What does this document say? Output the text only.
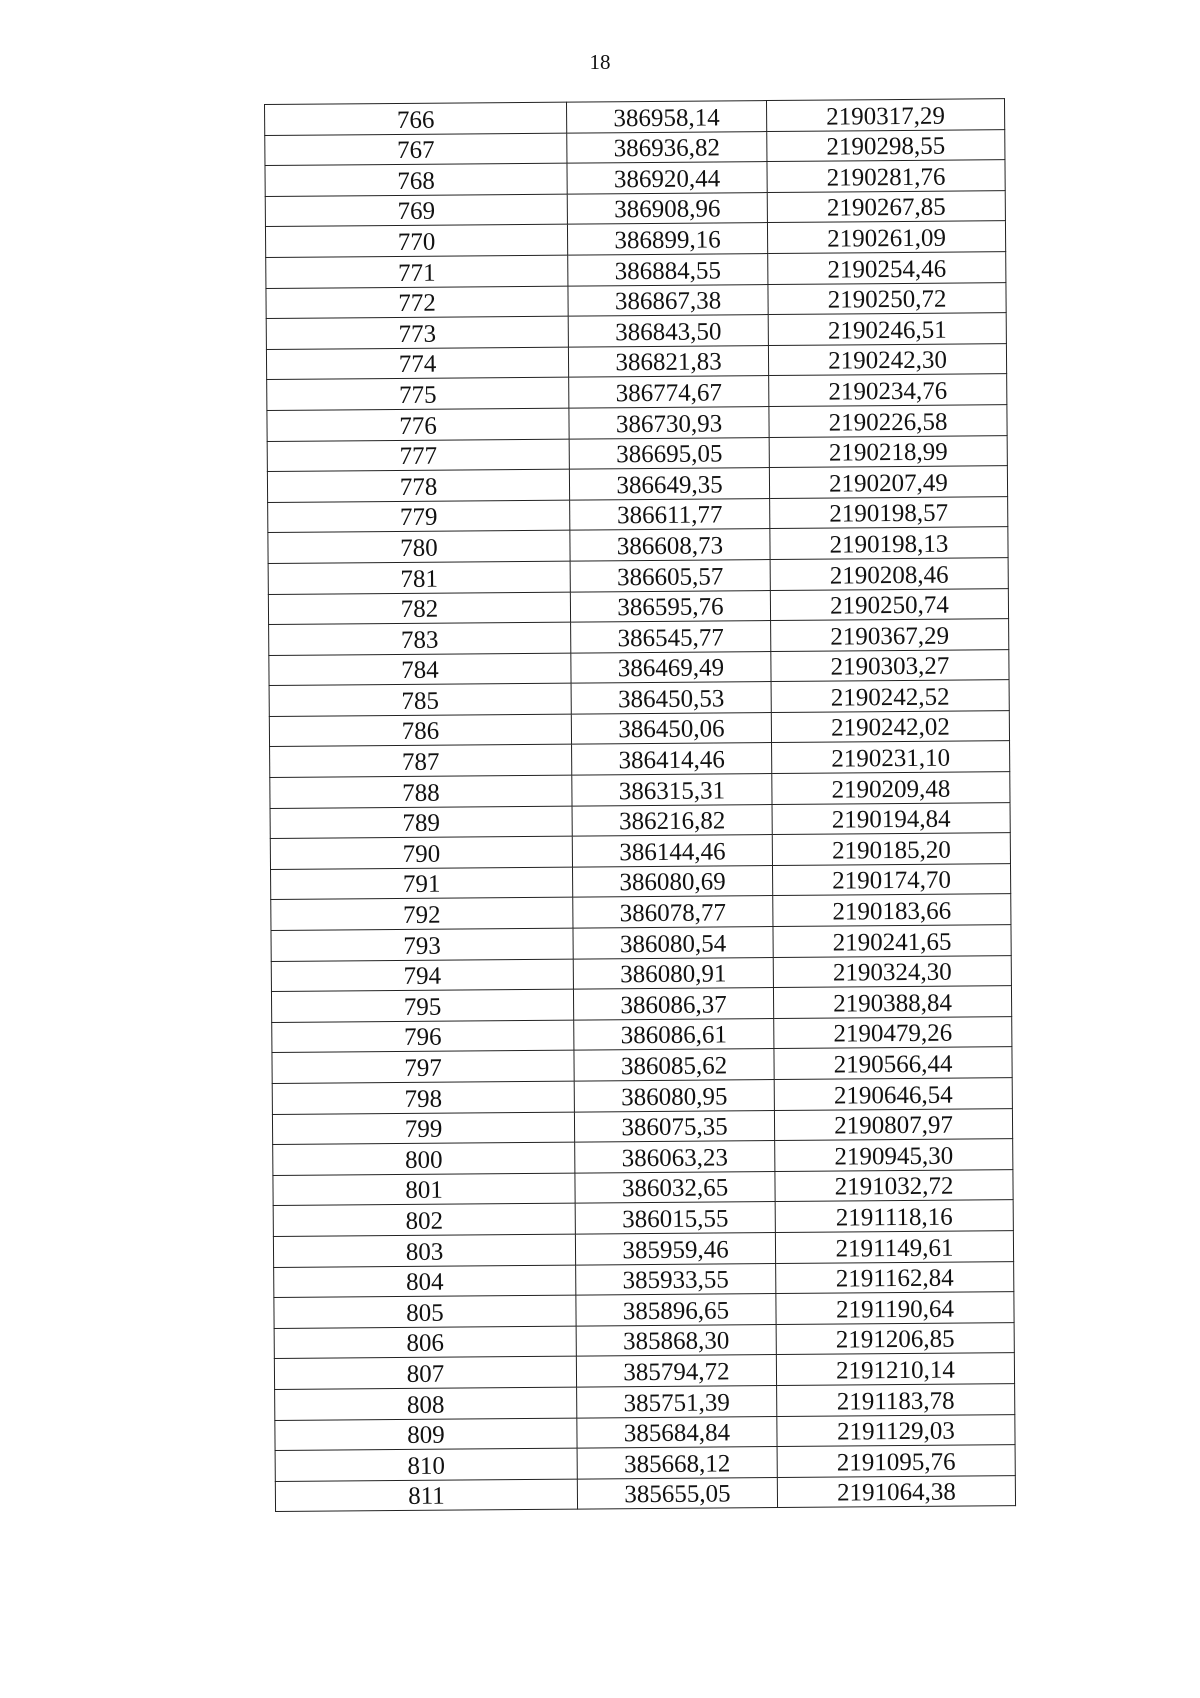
18
766	386958,14	2190317,29
767	386936,82	2190298,55
768	386920,44	2190281,76
769	386908,96	2190267,85
770	386899,16	2190261,09
771	386884,55	2190254,46
772	386867,38	2190250,72
773	386843,50	2190246,51
774	386821,83	2190242,30
775	386774,67	2190234,76
776	386730,93	2190226,58
777	386695,05	2190218,99
778	386649,35	2190207,49
779	386611,77	2190198,57
780	386608,73	2190198,13
781	386605,57	2190208,46
782	386595,76	2190250,74
783	386545,77	2190367,29
784	386469,49	2190303,27
785	386450,53	2190242,52
786	386450,06	2190242,02
787	386414,46	2190231,10
788	386315,31	2190209,48
789	386216,82	2190194,84
790	386144,46	2190185,20
791	386080,69	2190174,70
792	386078,77	2190183,66
793	386080,54	2190241,65
794	386080,91	2190324,30
795	386086,37	2190388,84
796	386086,61	2190479,26
797	386085,62	2190566,44
798	386080,95	2190646,54
799	386075,35	2190807,97
800	386063,23	2190945,30
801	386032,65	2191032,72
802	386015,55	2191118,16
803	385959,46	2191149,61
804	385933,55	2191162,84
805	385896,65	2191190,64
806	385868,30	2191206,85
807	385794,72	2191210,14
808	385751,39	2191183,78
809	385684,84	2191129,03
810	385668,12	2191095,76
811	385655,05	2191064,38
